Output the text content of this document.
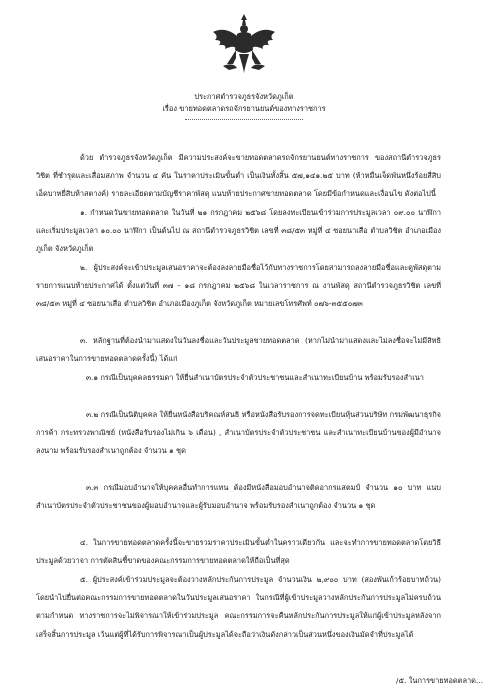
ประกาศตำรวจภูธรจังหวัดภูเก็ต
เรื่อง ขายทอดตลาดรถจักรยานยนต์ของทางราชการ
ด้วย ตำรวจภูธรจังหวัดภูเก็ต มีความประสงค์จะขายทอดตลาดรถจักรยานยนต์ทางราชการ ของสถานีตำรวจภูธรวิชิต ที่ชำรุดและเสื่อมสภาพ จำนวน ๔ คัน ในราคาประเมินขั้นต่ำ เป็นเงินทั้งสิ้น ๕๗,๑๔๑.๒๕ บาท (ห้าหมื่นเจ็ดพันหนึ่งร้อยสี่สิบเอ็ดบาทยี่สิบห้าสตางค์) รายละเอียดตามบัญชีราคาพัสดุ แนบท้ายประกาศขายทอดตลาด โดยมีข้อกำหนดและเงื่อนไข ดังต่อไปนี้
๑. กำหนดวันขายทอดตลาด ในวันที่ ๒๑ กรกฎาคม ๒๕๖๘ โดยลงทะเบียนเข้าร่วมการประมูลเวลา ๐๙.๐๐ นาฬิกา และเริ่มประมูลเวลา ๑๐.๐๐ นาฬิกา เป็นต้นไป ณ สถานีตำรวจภูธรวิชิต เลขที่ ๓๘/๕๓ หมู่ที่ ๔ ซอยนาเสือ ตำบลวิชิต อำเภอเมืองภูเก็ต จังหวัดภูเก็ต
๒. ผู้ประสงค์จะเข้าประมูลเสนอราคาจะต้องลงลายมือชื่อไว้กับทางราชการโดยสามารถลงลายมือชื่อและดูพัสดุตามรายการแนบท้ายประกาศได้ ตั้งแต่วันที่ ๓๗ – ๑๘ กรกฎาคม ๒๕๖๘ ในเวลาราชการ ณ งานพัสดุ สถานีตำรวจภูธรวิชิต เลขที่ ๓๘/๕๓ หมู่ที่ ๔ ซอยนาเสือ ตำบลวิชิต อำเภอเมืองภูเก็ต จังหวัดภูเก็ต หมายเลขโทรศัพท์ ๐๗๖-๓๕๕๐๗๓
๓. หลักฐานที่ต้องนำมาแสดงในวันลงชื่อและวันประมูลขายทอดตลาด (หากไม่นำมาแสดงและไม่ลงชื่อจะไม่มีสิทธิเสนอราคาในการขายทอดตลาดครั้งนี้) ได้แก่
๓.๑ กรณีเป็นบุคคลธรรมดา ให้ยื่นสำเนาบัตรประจำตัวประชาชนและสำเนาทะเบียนบ้าน พร้อมรับรองสำเนา
๓.๒ กรณีเป็นนิติบุคคล ให้ยื่นหนังสือบริคณห์สนธิ หรือหนังสือรับรองการจดทะเบียนหุ้นส่วนบริษัท กรมพัฒนาธุรกิจการค้า กระทรวงพาณิชย์ (หนังสือรับรองไม่เกิน ๖ เดือน) , สำเนาบัตรประจำตัวประชาชน และสำเนาทะเบียนบ้านของผู้มีอำนาจลงนาม พร้อมรับรองสำเนาถูกต้อง จำนวน ๑ ชุด
๓.๓ กรณีมอบอำนาจให้บุคคลอื่นทำการแทน ต้องมีหนังสือมอบอำนาจติดอากรแสตมป์ จำนวน ๑๐ บาท แนบสำเนาบัตรประจำตัวประชาชนของผู้มอบอำนาจและผู้รับมอบอำนาจ พร้อมรับรองสำเนาถูกต้อง จำนวน ๑ ชุด
๔. ในการขายทอดตลาดครั้งนี้จะขายรวมราคาประเมินขั้นต่ำในคราวเดียวกัน และจะทำการขายทอดตลาดโดยวิธีประมูลด้วยวาจา การตัดสินชี้ขาดของคณะกรรมการขายทอดตลาดให้ถือเป็นที่สุด
๕. ผู้ประสงค์เข้าร่วมประมูลจะต้องวางหลักประกันการประมูล จำนวนเงิน ๒,๙๐๐ บาท (สองพันเก้าร้อยบาทถ้วน) โดยนำไปยื่นต่อคณะกรรมการขายทอดตลาดในวันประมูลเสนอราคา ในกรณีที่ผู้เข้าประมูลวางหลักประกันการประมูลไม่ครบถ้วนตามกำหนด ทางราชการจะไม่พิจารณาให้เข้าร่วมประมูล คณะกรรมการจะคืนหลักประกันการประมูลให้แก่ผู้เข้าประมูลหลังจากเสร็จสิ้นการประมูล เว้นแต่ผู้ที่ได้รับการพิจารณาเป็นผู้ประมูลได้จะถือว่าเงินดังกล่าวเป็นส่วนหนึ่งของเงินมัดจำที่ประมูลได้
/๕. ในการขายทอดตลาด...
